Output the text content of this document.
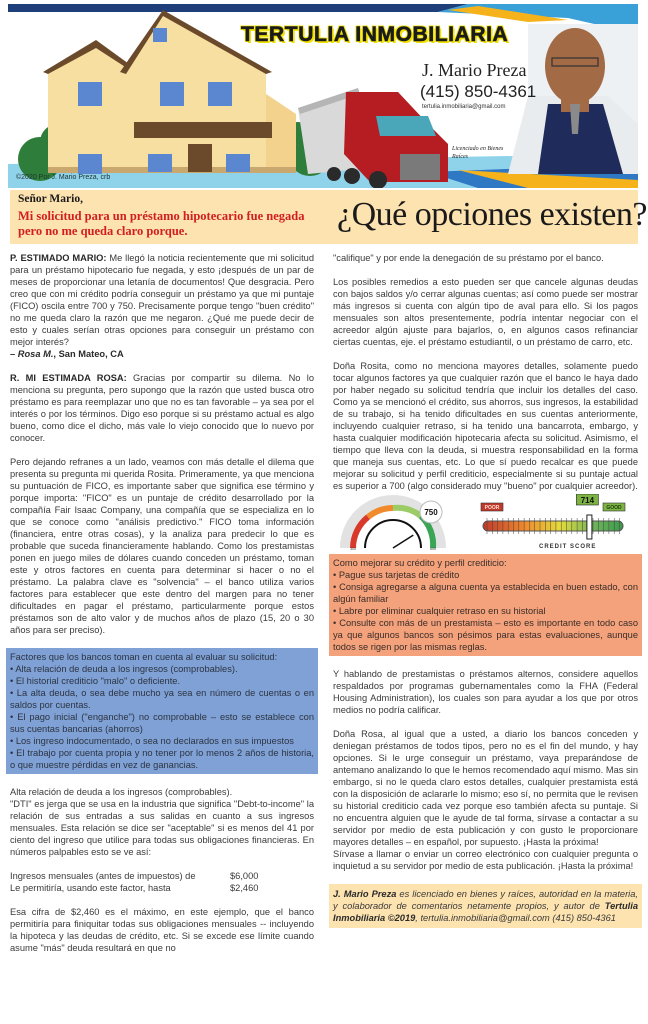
TERTULIA INMOBILIARIA
J. Mario Preza
(415) 850-4361
tertulia.inmobiliaria@gmail.com
Licenciado en Bienes Raíces
©2020 Por J. Mario Preza, crb
Señor Mario,
Mi solicitud para un préstamo hipotecario fue negada pero no me queda claro porque.	¿Qué opciones existen?

P. ESTIMADO MARIO: Me llegó la noticia recientemente que mi solicitud para un préstamo hipotecario fue negada, y esto ¡después de un par de meses de proporcionar una letanía de documentos! Que desgracia. Pero creo que con mi crédito podría conseguir un préstamo ya que mi puntaje (FICO) oscila entre 700 y 750. Precisamente porque tengo "buen crédito" no me queda claro la razón que me negaron. ¿Qué me puede decir de esto y cuales serían otras opciones para conseguir un préstamo con mejor interés?

– Rosa M., San Mateo, CA

R. MI ESTIMADA ROSA: Gracias por compartir su dilema. No lo menciona su pregunta, pero supongo que la razón que usted busca otro préstamo es para reemplazar uno que no es tan favorable – ya sea por el interés o por los términos. Digo eso porque si su préstamo actual es algo bueno, como dice el dicho, más vale lo viejo conocido que lo nuevo por conocer.

Pero dejando refranes a un lado, veamos con más detalle el dilema que presenta su pregunta mi querida Rosita. Primeramente, ya que menciona su puntuación de FICO, es importante saber que significa ese término y porque importa: "FICO" es un puntaje de crédito desarrollado por la compañía Fair Isaac Company, una compañía que se especializa en lo que se conoce como "análisis predictivo." FICO toma información (financiera, entre otras cosas), y la analiza para predecir lo que es probable que suceda financieramente hablando. Como los prestamistas ponen en juego miles de dólares cuando conceden un préstamo, toman este y otros factores en cuenta para determinar si hacer o no el préstamo. La palabra clave es "solvencia" – el banco utiliza varios factores para establecer que este dentro del margen para no tener dificultades en pagar el préstamo, particularmente porque estos préstamos son de alto valor y de muchos años de plazo (15, 20 o 30 años para ser preciso).

Factores que los bancos toman en cuenta al evaluar su solicitud:
• Alta relación de deuda a los ingresos (comprobables).
• El historial crediticio "malo" o deficiente.
• La alta deuda, o sea debe mucho ya sea en número de cuentas o en saldos por cuentas.
• El pago inicial ("enganche") no comprobable – esto se establece con sus cuentas bancarias (ahorros)
• Los ingreso indocumentado, o sea no declarados en sus impuestos
• El trabajo por cuenta propia y no tener por lo menos 2 años de historia, o que muestre pérdidas en vez de ganancias.

Alta relación de deuda a los ingresos (comprobables).
"DTI" es jerga que se usa en la industria que significa "Debt-to-income" la relación de sus entradas a sus salidas en cuanto a sus ingresos mensuales. Esta relación se dice ser "aceptable" si es menos del 41 por ciento del ingreso que utilice para todas sus obligaciones financieras. En números palpables esto se ve así:

Ingresos mensuales (antes de impuestos) de	$6,000
Le permitiría, usando este factor, hasta	$2,460

Esa cifra de $2,460 es el máximo, en este ejemplo, que el banco permitiría para finiquitar todas sus obligaciones mensuales -- incluyendo la hipoteca y las deudas de crédito, etc. Si se excede ese límite cuando asume "más" deuda resultará en que no

"califique" y por ende la denegación de su préstamo por el banco.

Los posibles remedios a esto pueden ser que cancele algunas deudas con bajos saldos y/o cerrar algunas cuentas; así como puede ser mostrar más ingresos si cuenta con algún tipo de aval para ello. Si los pagos mensuales son altos presentemente, podría intentar negociar con el acreedor algún ajuste para bajarlos, o, en algunos casos refinanciar ciertas cuentas, eje. el préstamo estudiantil, o un préstamo de carro, etc.

Doña Rosita, como no menciona mayores detalles, solamente puedo tocar algunos factores ya que cualquier razón que el banco le haya dado por haber negado su solicitud tendría que incluir los detalles del caso. Como ya se mencionó el crédito, sus ahorros, sus ingresos, la estabilidad de su trabajo, si ha tenido dificultades en sus cuentas anteriormente, incluyendo cualquier retraso, si ha tenido una bancarrota, embargo, y hasta cualquier modificación hipotecaria afecta su solicitud. Asimismo, el tiempo que lleva con la deuda, si muestra responsabilidad en la forma que maneja sus cuentas, etc. Lo que sí puedo recalcar es que puede mejorar su solicitud y perfil crediticio, especialmente si su puntaje actual es superior a 700 (algo considerado muy "bueno" por cualquier acreedor).

750
300	850
POOR	GOOD
714
CREDIT SCORE
Como mejorar su crédito y perfil crediticio:
• Pague sus tarjetas de crédito
• Consiga agregarse a alguna cuenta ya establecida en buen estado, con algún familiar
• Labre por eliminar cualquier retraso en su historial
• Consulte con más de un prestamista – esto es importante en todo caso ya que algunos bancos son pésimos para estas evaluaciones, aunque todos se rigen por las mismas reglas.

Y hablando de prestamistas o préstamos alternos, considere aquellos respaldados por programas gubernamentales como la FHA (Federal Housing Administration), los cuales son para ayudar a los que por otros medios no podría calificar.

Doña Rosa, al igual que a usted, a diario los bancos conceden y deniegan préstamos de todos tipos, pero no es el fin del mundo, y hay opciones. Si le urge conseguir un préstamo, vaya preparándose de antemano analizando lo que le hemos recomendado aquí mismo. Mas sin embargo, si no le queda claro estos detalles, cualquier prestamista está con la disposición de aclararle lo mismo; eso sí, no permita que le revisen su historial crediticio cada vez porque eso también afecta su puntaje. Si no encuentra alguien que le ayude de tal forma, sírvase a contactar a su servidor por medio de esta publicación y con gusto le proporcionare mayores detalles – en español, por supuesto. ¡Hasta la próxima!

Sírvase a llamar o enviar un correo electrónico con cualquier pregunta o inquietud a su servidor por medio de esta publicación. ¡Hasta la próxima!

J. Mario Preza es licenciado en bienes y raíces, autoridad en la materia, y colaborador de comentarios netamente propios, y autor de Tertulia Inmobiliaria ©2019, tertulia.inmobiliaria@gmail.com (415) 850-4361
